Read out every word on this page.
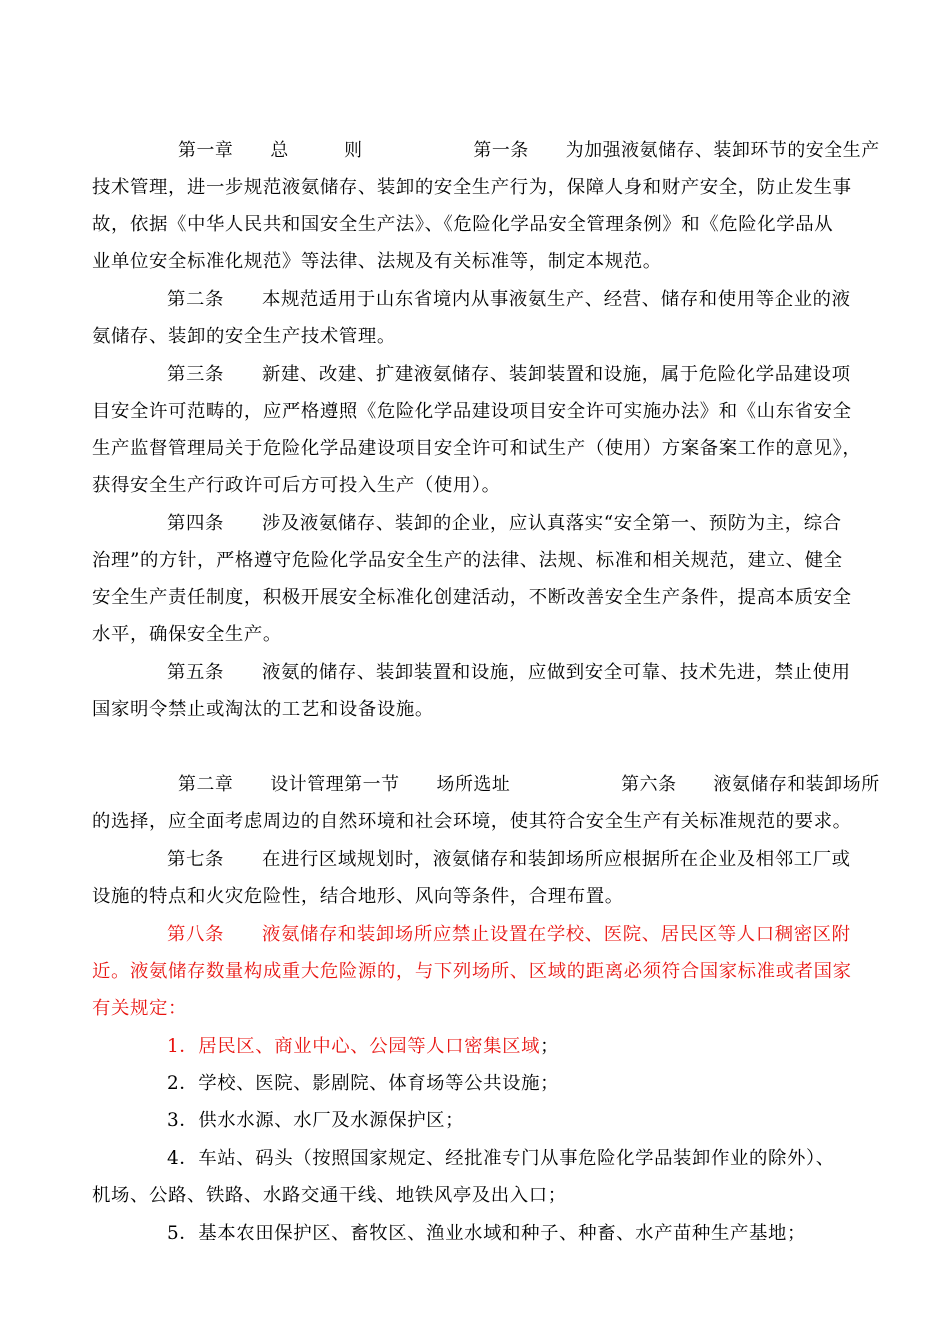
第一章　　总　　　则　　　　　　第一条　　为加强液氨储存、装卸环节的安全生产
技术管理，进一步规范液氨储存、装卸的安全生产行为，保障人身和财产安全，防止发生事
故，依据《中华人民共和国安全生产法》、《危险化学品安全管理条例》和《危险化学品从
业单位安全标准化规范》等法律、法规及有关标准等，制定本规范。
第二条　　本规范适用于山东省境内从事液氨生产、经营、储存和使用等企业的液
氨储存、装卸的安全生产技术管理。
第三条　　新建、改建、扩建液氨储存、装卸装置和设施，属于危险化学品建设项
目安全许可范畴的，应严格遵照《危险化学品建设项目安全许可实施办法》和《山东省安全
生产监督管理局关于危险化学品建设项目安全许可和试生产（使用）方案备案工作的意见》，
获得安全生产行政许可后方可投入生产（使用）。
第四条　　涉及液氨储存、装卸的企业，应认真落实“安全第一、预防为主，综合
治理”的方针，严格遵守危险化学品安全生产的法律、法规、标准和相关规范，建立、健全
安全生产责任制度，积极开展安全标准化创建活动，不断改善安全生产条件，提高本质安全
水平，确保安全生产。
第五条　　液氨的储存、装卸装置和设施，应做到安全可靠、技术先进，禁止使用
国家明令禁止或淘汰的工艺和设备设施。
第二章　　设计管理第一节　　场所选址　　　　　　第六条　　液氨储存和装卸场所
的选择，应全面考虑周边的自然环境和社会环境，使其符合安全生产有关标准规范的要求。
第七条　　在进行区域规划时，液氨储存和装卸场所应根据所在企业及相邻工厂或
设施的特点和火灾危险性，结合地形、风向等条件，合理布置。
第八条　　液氨储存和装卸场所应禁止设置在学校、医院、居民区等人口稠密区附
近。液氨储存数量构成重大危险源的，与下列场所、区域的距离必须符合国家标准或者国家
有关规定：
1．居民区、商业中心、公园等人口密集区域；
2．学校、医院、影剧院、体育场等公共设施；
3．供水水源、水厂及水源保护区；
4．车站、码头（按照国家规定、经批准专门从事危险化学品装卸作业的除外）、
机场、公路、铁路、水路交通干线、地铁风亭及出入口；
5．基本农田保护区、畜牧区、渔业水域和种子、种畜、水产苗种生产基地；
